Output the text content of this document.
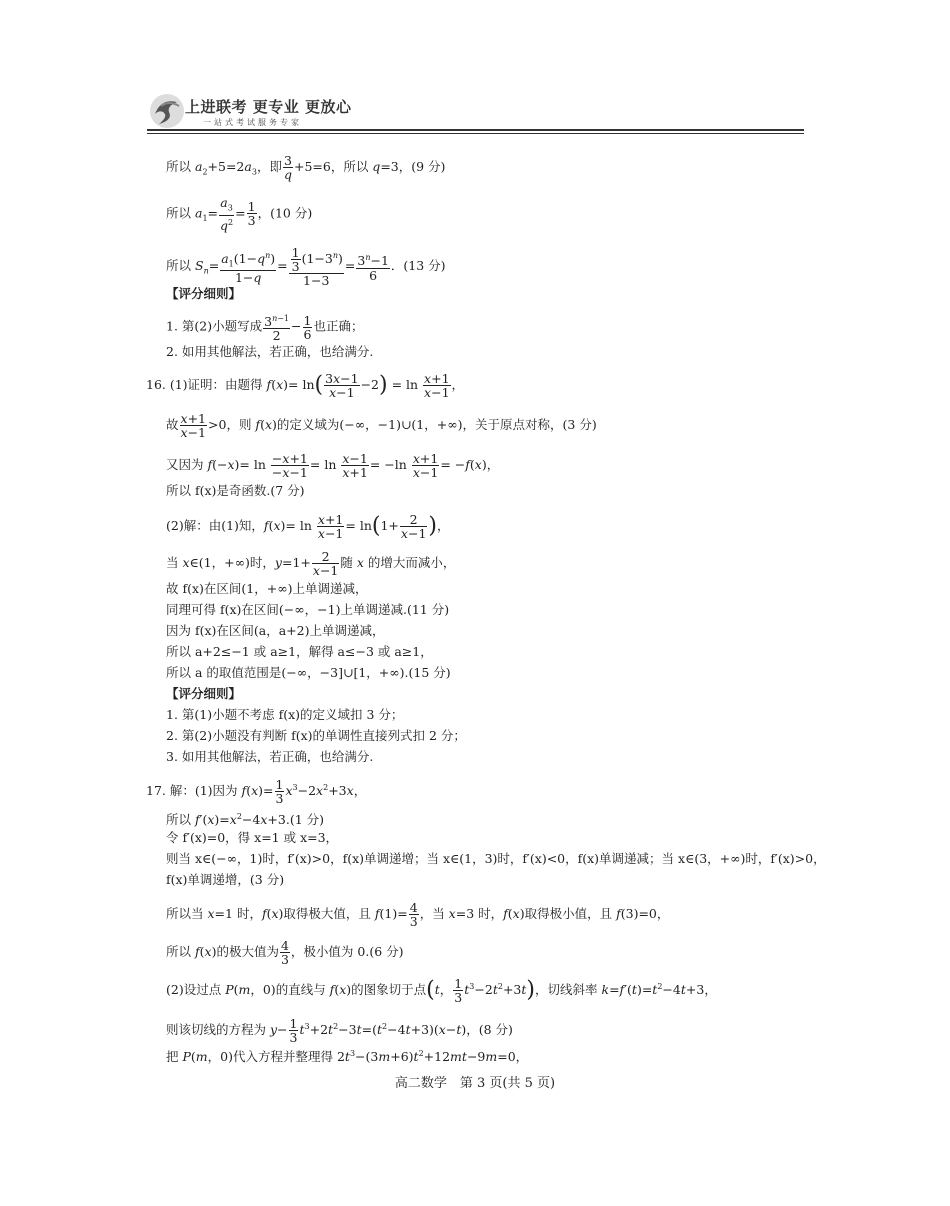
上进联考 更专业 更放心
一站式考试服务专家
所以 $a_2+5=2a_3$，即 $\frac{3}{q} +5=6$，所以 q=3，(9 分)
所以 $a_1= \frac{a_3}{q^2} = \frac{1}{3}$ ，(10 分)
所以 $S_n= \frac{a_1(1-q^n)}{1-q} = \frac{\frac{1}{3} (1-3^n)}{1-3} = \frac{3^n-1}{6}$ ．(13 分)
【评分细则】
1. 第(2)小题写成 $\frac{3^{n-1}}{2} - \frac{1}{6}$ 也正确；
2. 如用其他解法，若正确，也给满分.
16. (1)证明：由题得 $f(x)= \ln( \frac{3x-1}{x-1} -2) = \ln \frac{x+1}{x-1}$ ，
故 $\frac{x+1}{x-1} >0$，则 f(x)的定义域为(−∞，−1)∪(1，+∞)，关于原点对称，(3 分)
又因为 $f(-x)= \ln \frac{-x+1}{-x-1} = \ln \frac{x-1}{x+1} = -\ln \frac{x+1}{x-1} = -f(x)$，
所以 f(x)是奇函数.(7 分)
(2)解：由(1)知，$f(x)= \ln \frac{x+1}{x-1} = \ln(1+ \frac{2}{x-1}$ )，
当 x∈(1，+∞)时，$y=1+ \frac{2}{x-1}$ 随 x 的增大而减小，
故 f(x)在区间(1，+∞)上单调递减，
同理可得 f(x)在区间(−∞，−1)上单调递减.(11 分)
因为 f(x)在区间(a，a+2)上单调递减，
所以 a+2≤−1 或 a≥1，解得 a≤−3 或 a≥1，
所以 a 的取值范围是(−∞，−3]∪[1，+∞).(15 分)
【评分细则】
1. 第(1)小题不考虑 f(x)的定义域扣 3 分；
2. 第(2)小题没有判断 f(x)的单调性直接列式扣 2 分；
3. 如用其他解法，若正确，也给满分.
17. 解：(1)因为 $f(x)= \frac{1}{3} x^3-2x^2+3x$，
所以 $f'(x)=x^2-4x+3.(1$ 分)
令 f′(x)=0，得 x=1 或 x=3，
则当 x∈(−∞，1)时，f′(x)>0，f(x)单调递增；当 x∈(1，3)时，f′(x)<0，f(x)单调递减；当 x∈(3，+∞)时，f′(x)>0，
f(x)单调递增，(3 分)
所以当 x=1 时，f(x)取得极大值，且 $f(1)= \frac{4}{3}$ ，当 x=3 时，f(x)取得极小值，且 f(3)=0，
所以 f(x)的极大值为 $\frac{4}{3}$ ，极小值为 0.(6 分)
(2)设过点 P(m，0)的直线与 f(x)的图象切于点(t， $\frac{1}{3} t^3-2t^2+3t$)，切线斜率 $k=f'(t)=t^2-4t+3$，
则该切线的方程为 $y- \frac{1}{3} t^3+2t^2-3t=(t^2-4t+3)(x-t)$，(8 分)
把 P(m，0)代入方程并整理得 $2t^3-(3m+6)t^2+12mt-9m=0$，
高二数学　第 3 页(共 5 页)
